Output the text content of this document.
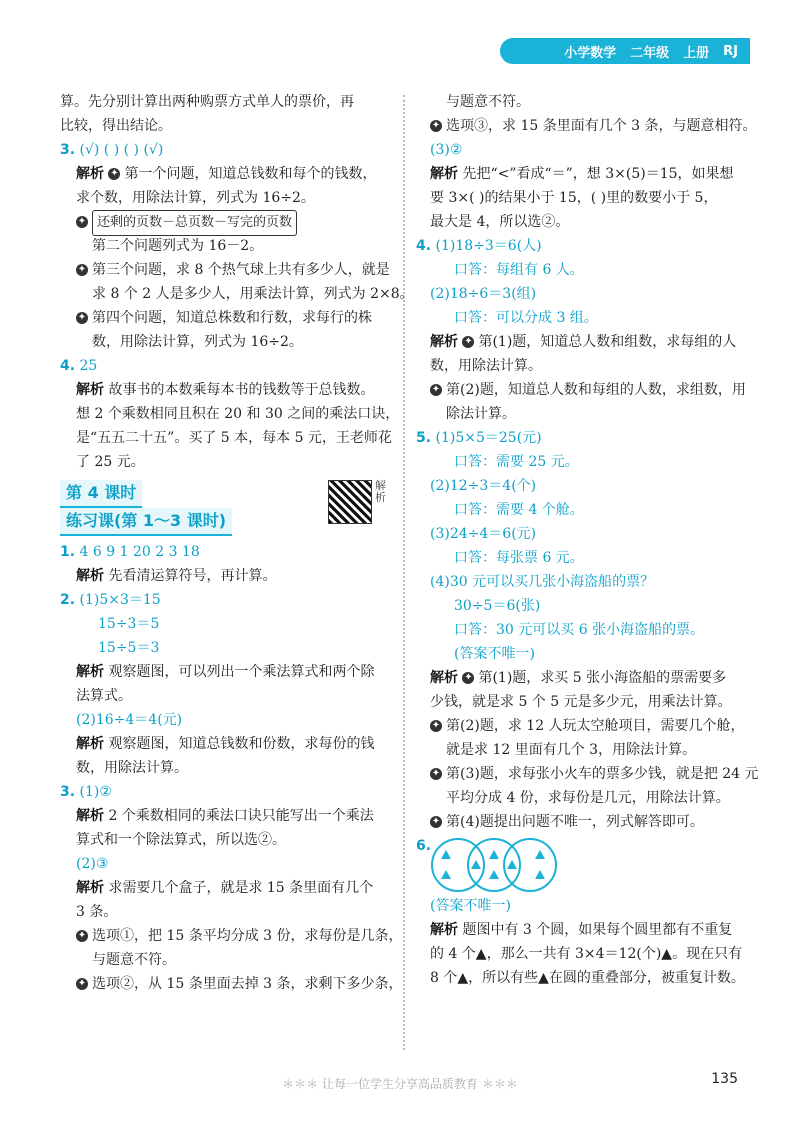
小学数学 二年级 上册 RJ
算。先分别计算出两种购票方式单人的票价，再
比较，得出结论。
3. (√) ( ) ( ) (√)
解析 ✦ 第一个问题，知道总钱数和每个的钱数，
求个数，用除法计算，列式为 16÷2。
✦ 还剩的页数－总页数－写完的页数
第二个问题列式为 16－2。
✦ 第三个问题，求 8 个热气球上共有多少人，就是
求 8 个 2 人是多少人，用乘法计算，列式为 2×8。
✦ 第四个问题，知道总株数和行数，求每行的株
数，用除法计算，列式为 16÷2。
4. 25
解析 故事书的本数乘每本书的钱数等于总钱数。
想 2 个乘数相同且积在 20 和 30 之间的乘法口诀，
是“五五二十五”。买了 5 本，每本 5 元，王老师花
了 25 元。
第 4 课时
练习课(第 1～3 课时)
解析
1. 4 6 9 1 20 2 3 18
解析 先看清运算符号，再计算。
2. (1)5×3＝15
15÷3＝5
15÷5＝3
解析 观察题图，可以列出一个乘法算式和两个除
法算式。
(2)16÷4＝4(元)
解析 观察题图，知道总钱数和份数，求每份的钱
数，用除法计算。
3. (1)②
解析 2 个乘数相同的乘法口诀只能写出一个乘法
算式和一个除法算式，所以选②。
(2)③
解析 求需要几个盒子，就是求 15 条里面有几个
3 条。
✦ 选项①，把 15 条平均分成 3 份，求每份是几条，
与题意不符。
✦ 选项②，从 15 条里面去掉 3 条，求剩下多少条，
与题意不符。
✦ 选项③，求 15 条里面有几个 3 条，与题意相符。
(3)②
解析 先把“<”看成“＝”，想 3×(5)＝15，如果想
要 3×( )的结果小于 15，( )里的数要小于 5，
最大是 4，所以选②。
4. (1)18÷3＝6(人)
口答：每组有 6 人。
(2)18÷6＝3(组)
口答：可以分成 3 组。
解析 ✦ 第(1)题，知道总人数和组数，求每组的人
数，用除法计算。
✦ 第(2)题，知道总人数和每组的人数，求组数，用
除法计算。
5. (1)5×5＝25(元)
口答：需要 25 元。
(2)12÷3＝4(个)
口答：需要 4 个舱。
(3)24÷4＝6(元)
口答：每张票 6 元。
(4)30 元可以买几张小海盗船的票？
30÷5＝6(张)
口答：30 元可以买 6 张小海盗船的票。
(答案不唯一)
解析 ✦ 第(1)题，求买 5 张小海盗船的票需要多
少钱，就是求 5 个 5 元是多少元，用乘法计算。
✦ 第(2)题，求 12 人玩太空舱项目，需要几个舱，
就是求 12 里面有几个 3，用除法计算。
✦ 第(3)题，求每张小火车的票多少钱，就是把 24 元
平均分成 4 份，求每份是几元，用除法计算。
✦ 第(4)题提出问题不唯一，列式解答即可。
6.
(答案不唯一)
解析 题图中有 3 个圆，如果每个圆里都有不重复
的 4 个▲，那么一共有 3×4＝12(个)▲。现在只有
8 个▲，所以有些▲在圆的重叠部分，被重复计数。
＊＊＊ 让每一位学生分享高品质教育 ＊＊＊	135
